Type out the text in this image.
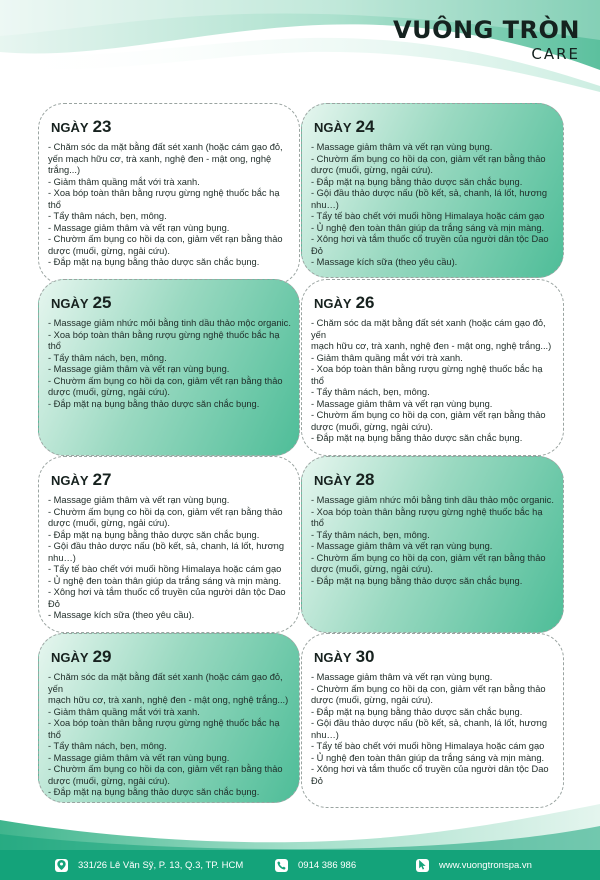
VUÔNG TRÒN
CARE
NGÀY 23
- Chăm sóc da mặt bằng đất sét xanh (hoặc cám gạo đỏ,
yến mạch hữu cơ, trà xanh, nghệ đen - mật ong, nghệ
trắng...)
- Giảm thâm quầng mắt với trà xanh.
- Xoa bóp toàn thân bằng rượu gừng nghệ thuốc bắc hạ thổ
- Tẩy thâm nách, bẹn, mông.
- Massage giảm thâm và vết rạn vùng bụng.
- Chườm ấm bụng co hồi dạ con, giảm vết rạn bằng thảo
dược (muối, gừng, ngải cứu).
- Đắp mặt nạ bụng bằng thảo dược săn chắc bụng.
NGÀY 24
- Massage giảm thâm và vết rạn vùng bụng.
- Chườm ấm bụng co hồi dạ con, giảm vết rạn bằng thảo
dược (muối, gừng, ngải cứu).
- Đắp mặt nạ bụng bằng thảo dược săn chắc bụng.
- Gội đầu thảo dược nấu (bồ kết, sả, chanh, lá lốt, hương
nhu…)
- Tẩy tế bào chết với muối hồng Himalaya hoặc cám gạo
- Ủ nghệ đen toàn thân giúp da trắng sáng và mịn màng.
- Xông hơi và tắm thuốc cổ truyền của người dân tộc Dao Đỏ
- Massage kích sữa (theo yêu cầu).
NGÀY 25
- Massage giảm nhức mỏi bằng tinh dầu thảo mộc organic.
- Xoa bóp toàn thân bằng rượu gừng nghệ thuốc bắc hạ thổ
- Tẩy thâm nách, bẹn, mông.
- Massage giảm thâm và vết rạn vùng bụng.
- Chườm ấm bụng co hồi dạ con, giảm vết rạn bằng thảo
dược (muối, gừng, ngải cứu).
- Đắp mặt nạ bụng bằng thảo dược săn chắc bụng.
NGÀY 26
- Chăm sóc da mặt bằng đất sét xanh (hoặc cám gạo đỏ, yến
mạch hữu cơ, trà xanh, nghệ đen - mật ong, nghệ trắng...)
- Giảm thâm quầng mắt với trà xanh.
- Xoa bóp toàn thân bằng rượu gừng nghệ thuốc bắc hạ thổ
- Tẩy thâm nách, bẹn, mông.
- Massage giảm thâm và vết rạn vùng bụng.
- Chườm ấm bụng co hồi dạ con, giảm vết rạn bằng thảo
dược (muối, gừng, ngải cứu).
- Đắp mặt nạ bụng bằng thảo dược săn chắc bụng.
NGÀY 27
- Massage giảm thâm và vết rạn vùng bụng.
- Chườm ấm bụng co hồi dạ con, giảm vết rạn bằng thảo
dược (muối, gừng, ngải cứu).
- Đắp mặt nạ bụng bằng thảo dược săn chắc bụng.
- Gội đầu thảo dược nấu (bồ kết, sả, chanh, lá lốt, hương
nhu…)
- Tẩy tế bào chết với muối hồng Himalaya hoặc cám gạo
- Ủ nghệ đen toàn thân giúp da trắng sáng và mịn màng.
- Xông hơi và tắm thuốc cổ truyền của người dân tộc Dao Đỏ
- Massage kích sữa (theo yêu cầu).
NGÀY 28
- Massage giảm nhức mỏi bằng tinh dầu thảo mộc organic.
- Xoa bóp toàn thân bằng rượu gừng nghệ thuốc bắc hạ thổ
- Tẩy thâm nách, bẹn, mông.
- Massage giảm thâm và vết rạn vùng bụng.
- Chườm ấm bụng co hồi dạ con, giảm vết rạn bằng thảo
dược (muối, gừng, ngải cứu).
- Đắp mặt nạ bụng bằng thảo dược săn chắc bụng.
NGÀY 29
- Chăm sóc da mặt bằng đất sét xanh (hoặc cám gạo đỏ, yến
mạch hữu cơ, trà xanh, nghệ đen - mật ong, nghệ trắng...)
- Giảm thâm quầng mắt với trà xanh.
- Xoa bóp toàn thân bằng rượu gừng nghệ thuốc bắc hạ thổ
- Tẩy thâm nách, bẹn, mông.
- Massage giảm thâm và vết rạn vùng bụng.
- Chườm ấm bụng co hồi dạ con, giảm vết rạn bằng thảo
dược (muối, gừng, ngải cứu).
- Đắp mặt nạ bụng bằng thảo dược săn chắc bụng.
NGÀY 30
- Massage giảm thâm và vết rạn vùng bụng.
- Chườm ấm bụng co hồi dạ con, giảm vết rạn bằng thảo
dược (muối, gừng, ngải cứu).
- Đắp mặt nạ bụng bằng thảo dược săn chắc bụng.
- Gội đầu thảo dược nấu (bồ kết, sả, chanh, lá lốt, hương
nhu…)
- Tẩy tế bào chết với muối hồng Himalaya hoặc cám gạo
- Ủ nghệ đen toàn thân giúp da trắng sáng và mịn màng.
- Xông hơi và tắm thuốc cổ truyền của người dân tộc Dao Đỏ
331/26 Lê Văn Sỹ, P. 13, Q.3, TP. HCM	0914 386 986	www.vuongtronspa.vn
